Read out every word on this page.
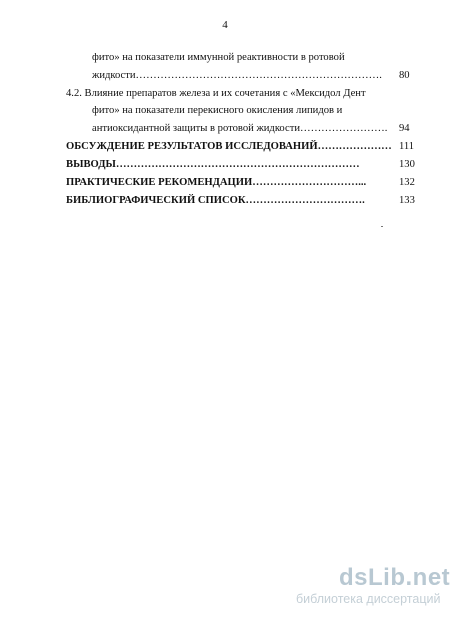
4
фито» на показатели иммунной реактивности в ротовой
жидкости……………………………………………………………. 80
4.2. Влияние препаратов железа и их сочетания с «Мексидол Дент
фито» на показатели перекисного окисления липидов и
антиоксидантной защиты в ротовой жидкости……………………. 94
ОБСУЖДЕНИЕ РЕЗУЛЬТАТОВ ИССЛЕДОВАНИЙ………………… 111
ВЫВОДЫ……………………………………………………………	130
ПРАКТИЧЕСКИЕ РЕКОМЕНДАЦИИ…………………………...	132
БИБЛИОГРАФИЧЕСКИЙ СПИСОК…………………………….	133
dsLib.net
библиотека диссертаций
